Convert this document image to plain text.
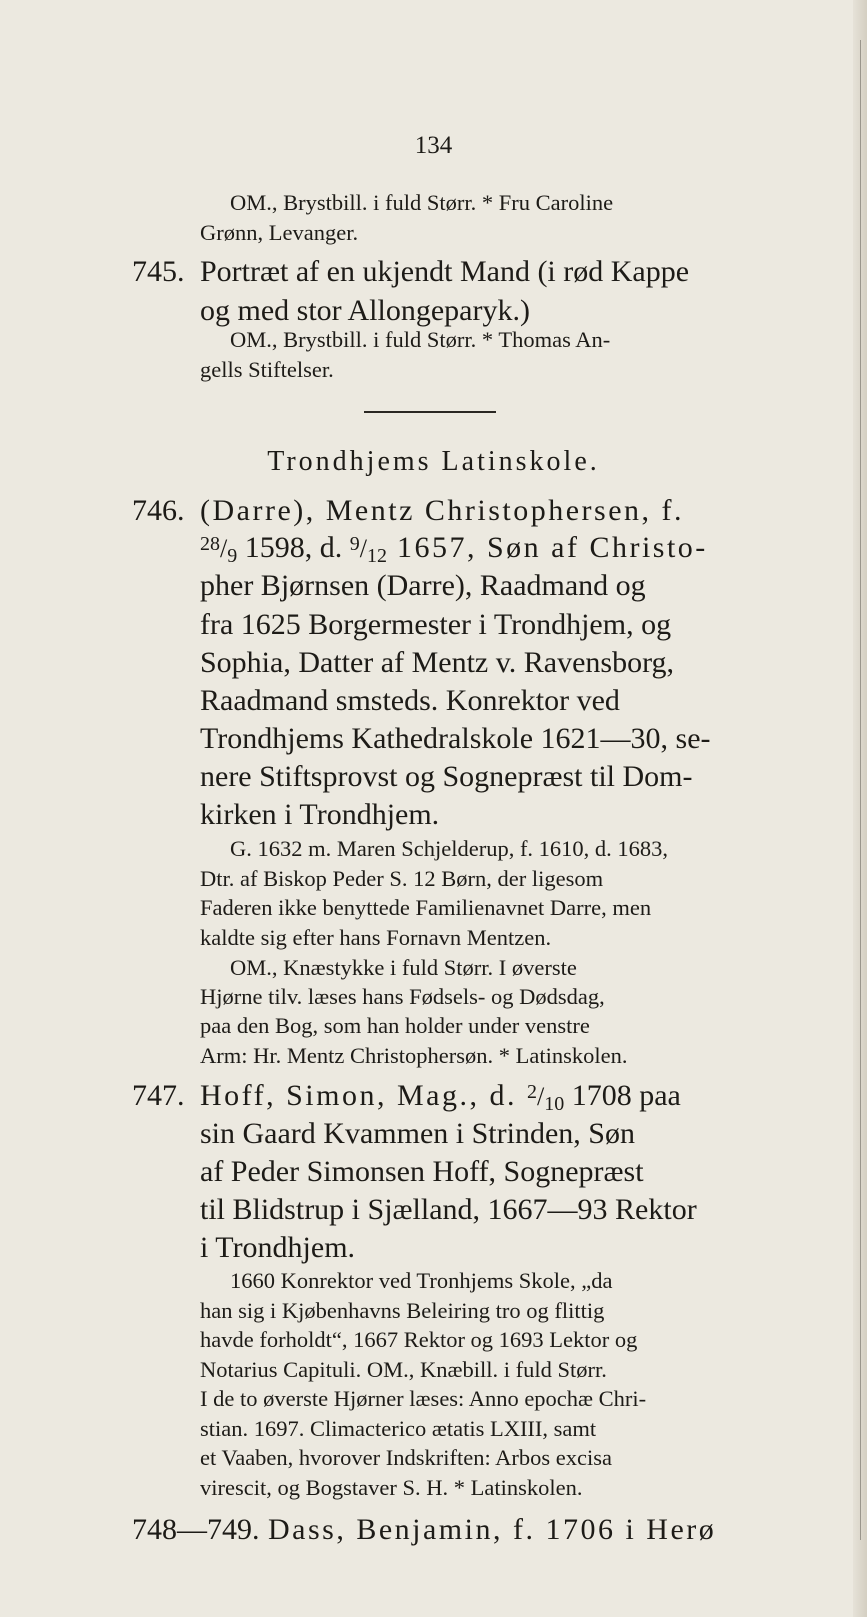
134
OM., Brystbill. i fuld Størr. * Fru Caroline
Grønn, Levanger.
745. Portræt af en ukjendt Mand (i rød Kappe
og med stor Allongeparyk.)
OM., Brystbill. i fuld Størr. * Thomas An-
gells Stiftelser.
Trondhjems Latinskole.
746. (Darre), Mentz Christophersen, f.
$^{28}$/9 1598, d. $^9$/12 1657, Søn af Christo-
pher Bjørnsen (Darre), Raadmand og
fra 1625 Borgermester i Trondhjem, og
Sophia, Datter af Mentz v. Ravensborg,
Raadmand smsteds. Konrektor ved
Trondhjems Kathedralskole 1621—30, se-
nere Stiftsprovst og Sognepræst til Dom-
kirken i Trondhjem.
G. 1632 m. Maren Schjelderup, f. 1610, d. 1683,
Dtr. af Biskop Peder S. 12 Børn, der ligesom
Faderen ikke benyttede Familienavnet Darre, men
kaldte sig efter hans Fornavn Mentzen.
OM., Knæstykke i fuld Størr. I øverste
Hjørne tilv. læses hans Fødsels- og Dødsdag,
paa den Bog, som han holder under venstre
Arm: Hr. Mentz Christophersøn. * Latinskolen.
747. Hoff, Simon, Mag., d. $^2$/10 1708 paa
sin Gaard Kvammen i Strinden, Søn
af Peder Simonsen Hoff, Sognepræst
til Blidstrup i Sjælland, 1667—93 Rektor
i Trondhjem.
1660 Konrektor ved Tronhjems Skole, „da
han sig i Kjøbenhavns Beleiring tro og flittig
havde forholdt“, 1667 Rektor og 1693 Lektor og
Notarius Capituli. OM., Knæbill. i fuld Størr.
I de to øverste Hjørner læses: Anno epochæ Chri-
stian. 1697. Climacterico ætatis LXIII, samt
et Vaaben, hvorover Indskriften: Arbos excisa
virescit, og Bogstaver S. H. * Latinskolen.
748—749. Dass, Benjamin, f. 1706 i Herø
